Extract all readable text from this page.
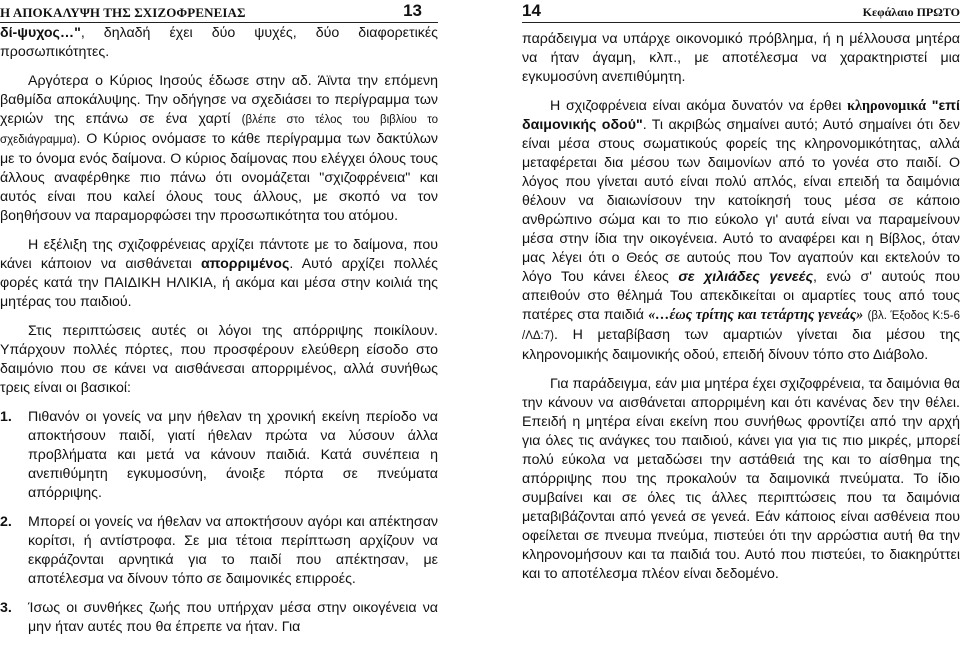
Η ΑΠΟΚΑΛΥΨΗ ΤΗΣ ΣΧΙΖΟΦΡΕΝΕΙΑΣ	13

δί-ψυχος…", δηλαδή έχει δύο ψυχές, δύο διαφορετικές προσωπικότητες.

Αργότερα ο Κύριος Ιησούς έδωσε στην αδ. Άϊντα την επόμενη βαθμίδα αποκάλυψης. Την οδήγησε να σχεδιάσει το περίγραμμα των χεριών της επάνω σε ένα χαρτί (βλέπε στο τέλος του βιβλίου το σχεδιάγραμμα). Ο Κύριος ονόμασε το κάθε περίγραμμα των δακτύλων με το όνομα ενός δαίμονα. Ο κύριος δαίμονας που ελέγχει όλους τους άλλους αναφέρθηκε πιο πάνω ότι ονομάζεται "σχιζοφρένεια" και αυτός είναι που καλεί όλους τους άλλους, με σκοπό να τον βοηθήσουν να παραμορφώσει την προσωπικότητα του ατόμου.

Η εξέλιξη της σχιζοφρένειας αρχίζει πάντοτε με το δαίμονα, που κάνει κάποιον να αισθάνεται απορριμένος. Αυτό αρχίζει πολλές φορές κατά την ΠΑΙΔΙΚΗ ΗΛΙΚΙΑ, ή ακόμα και μέσα στην κοιλιά της μητέρας του παιδιού.

Στις περιπτώσεις αυτές οι λόγοι της απόρριψης ποικίλουν. Υπάρχουν πολλές πόρτες, που προσφέρουν ελεύθερη είσοδο στο δαιμόνιο που σε κάνει να αισθάνεσαι απορριμένος, αλλά συνήθως τρεις είναι οι βασικοί:

1. Πιθανόν οι γονείς να μην ήθελαν τη χρονική εκείνη περίοδο να αποκτήσουν παιδί, γιατί ήθελαν πρώτα να λύσουν άλλα προβλήματα και μετά να κάνουν παιδιά. Κατά συνέπεια η ανεπιθύμητη εγκυμοσύνη, άνοιξε πόρτα σε πνεύματα απόρριψης.
2. Μπορεί οι γονείς να ήθελαν να αποκτήσουν αγόρι και απέκτησαν κορίτσι, ή αντίστροφα. Σε μια τέτοια περίπτωση αρχίζουν να εκφράζονται αρνητικά για το παιδί που απέκτησαν, με αποτέλεσμα να δίνουν τόπο σε δαιμονικές επιρροές.
3. Ίσως οι συνθήκες ζωής που υπήρχαν μέσα στην οικογένεια να μην ήταν αυτές που θα έπρεπε να ήταν. Για
14	Κεφάλαιο ΠΡΩΤΟ

παράδειγμα να υπάρχε οικονομικό πρόβλημα, ή η μέλλουσα μητέρα να ήταν άγαμη, κλπ., με αποτέλεσμα να χαρακτηριστεί μια εγκυμοσύνη ανεπιθύμητη.

Η σχιζοφρένεια είναι ακόμα δυνατόν να έρθει κληρονομικά "επί δαιμονικής οδού". Τι ακριβώς σημαίνει αυτό; Αυτό σημαίνει ότι δεν είναι μέσα στους σωματικούς φορείς της κληρονομικότητας, αλλά μεταφέρεται δια μέσου των δαιμονίων από το γονέα στο παιδί. Ο λόγος που γίνεται αυτό είναι πολύ απλός, είναι επειδή τα δαιμόνια θέλουν να διαιωνίσουν την κατοίκησή τους μέσα σε κάποιο ανθρώπινο σώμα και το πιο εύκολο γι' αυτά είναι να παραμείνουν μέσα στην ίδια την οικογένεια. Αυτό το αναφέρει και η Βίβλος, όταν μας λέγει ότι ο Θεός σε αυτούς που Τον αγαπούν και εκτελούν το λόγο Του κάνει έλεος σε χιλιάδες γενεές, ενώ σ' αυτούς που απειθούν στο θέλημά Του απεκδικείται οι αμαρτίες τους από τους πατέρες στα παιδιά «…έως τρίτης και τετάρτης γενεάς» (βλ. Έξοδος Κ:5-6 /ΛΔ:7). Η μεταβίβαση των αμαρτιών γίνεται δια μέσου της κληρονομικής δαιμονικής οδού, επειδή δίνουν τόπο στο Διάβολο.

Για παράδειγμα, εάν μια μητέρα έχει σχιζοφρένεια, τα δαιμόνια θα την κάνουν να αισθάνεται απορριμένη και ότι κανένας δεν την θέλει. Επειδή η μητέρα είναι εκείνη που συνήθως φροντίζει από την αρχή για όλες τις ανάγκες του παιδιού, κάνει για για τις πιο μικρές, μπορεί πολύ εύκολα να μεταδώσει την αστάθειά της και το αίσθημα της απόρριψης που της προκαλούν τα δαιμονικά πνεύματα. Το ίδιο συμβαίνει και σε όλες τις άλλες περιπτώσεις που τα δαιμόνια μεταβιβάζονται από γενεά σε γενεά. Εάν κάποιος είναι ασθένεια που οφείλεται σε πνευμα πνεύμα, πιστεύει ότι την αρρώστια αυτή θα την κληρονομήσουν και τα παιδιά του. Αυτό που πιστεύει, το διακηρύττει και το αποτέλεσμα πλέον είναι δεδομένο.
